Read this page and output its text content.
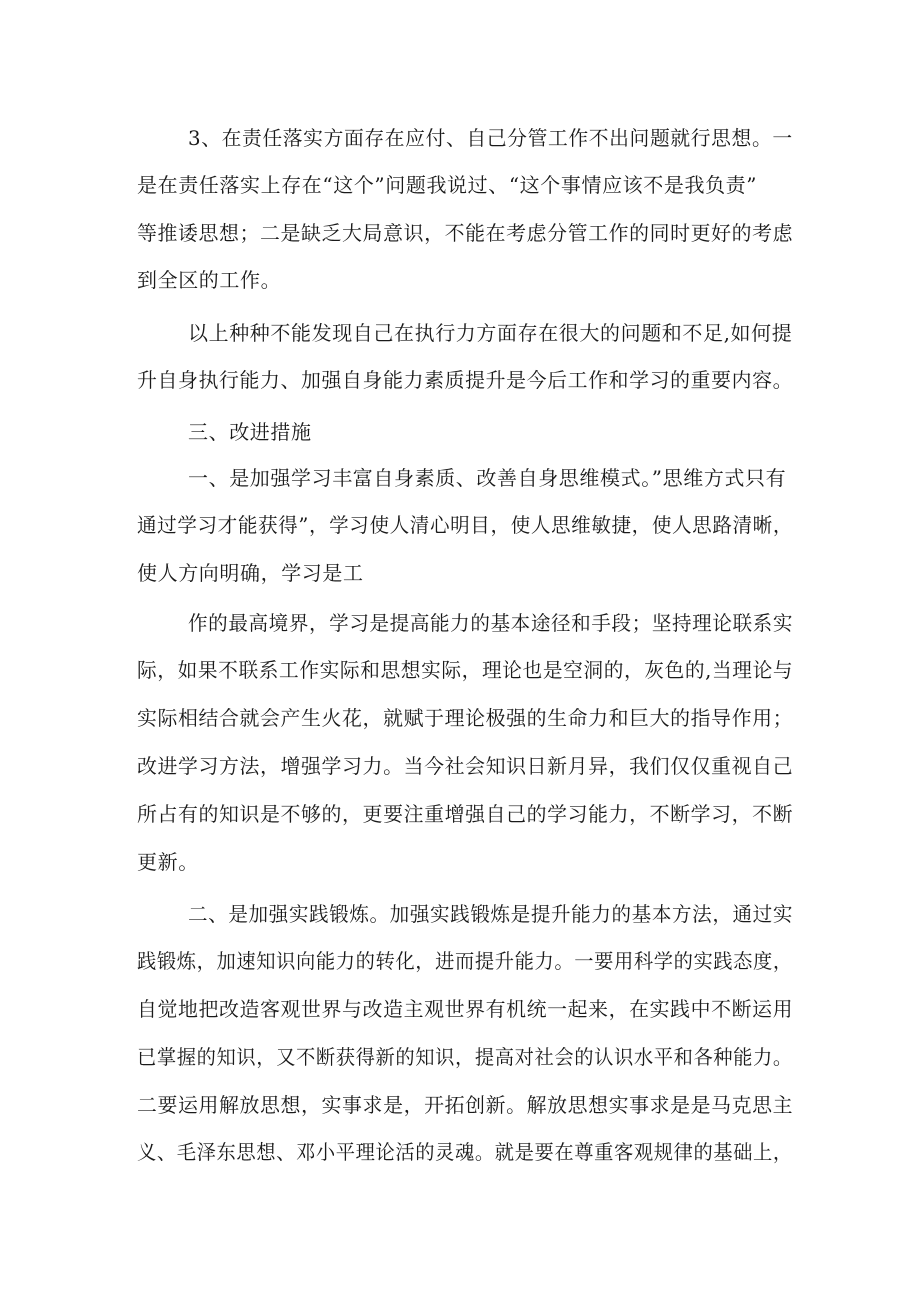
3、在责任落实方面存在应付、自己分管工作不出问题就行思想。一
是在责任落实上存在“这个”问题我说过、“这个事情应该不是我负责”
等推诿思想；二是缺乏大局意识，不能在考虑分管工作的同时更好的考虑
到全区的工作。
以上种种不能发现自己在执行力方面存在很大的问题和不足,如何提
升自身执行能力、加强自身能力素质提升是今后工作和学习的重要内容。
三、改进措施
一、是加强学习丰富自身素质、改善自身思维模式。”思维方式只有
通过学习才能获得”，学习使人清心明目，使人思维敏捷，使人思路清晰，
使人方向明确，学习是工
作的最高境界，学习是提高能力的基本途径和手段；坚持理论联系实
际，如果不联系工作实际和思想实际，理论也是空洞的，灰色的,当理论与
实际相结合就会产生火花，就赋于理论极强的生命力和巨大的指导作用；
改进学习方法，增强学习力。当今社会知识日新月异，我们仅仅重视自己
所占有的知识是不够的，更要注重增强自己的学习能力，不断学习，不断
更新。
二、是加强实践锻炼。加强实践锻炼是提升能力的基本方法，通过实
践锻炼，加速知识向能力的转化，进而提升能力。一要用科学的实践态度，
自觉地把改造客观世界与改造主观世界有机统一起来，在实践中不断运用
已掌握的知识，又不断获得新的知识，提高对社会的认识水平和各种能力。
二要运用解放思想，实事求是，开拓创新。解放思想实事求是是马克思主
义、毛泽东思想、邓小平理论活的灵魂。就是要在尊重客观规律的基础上，
